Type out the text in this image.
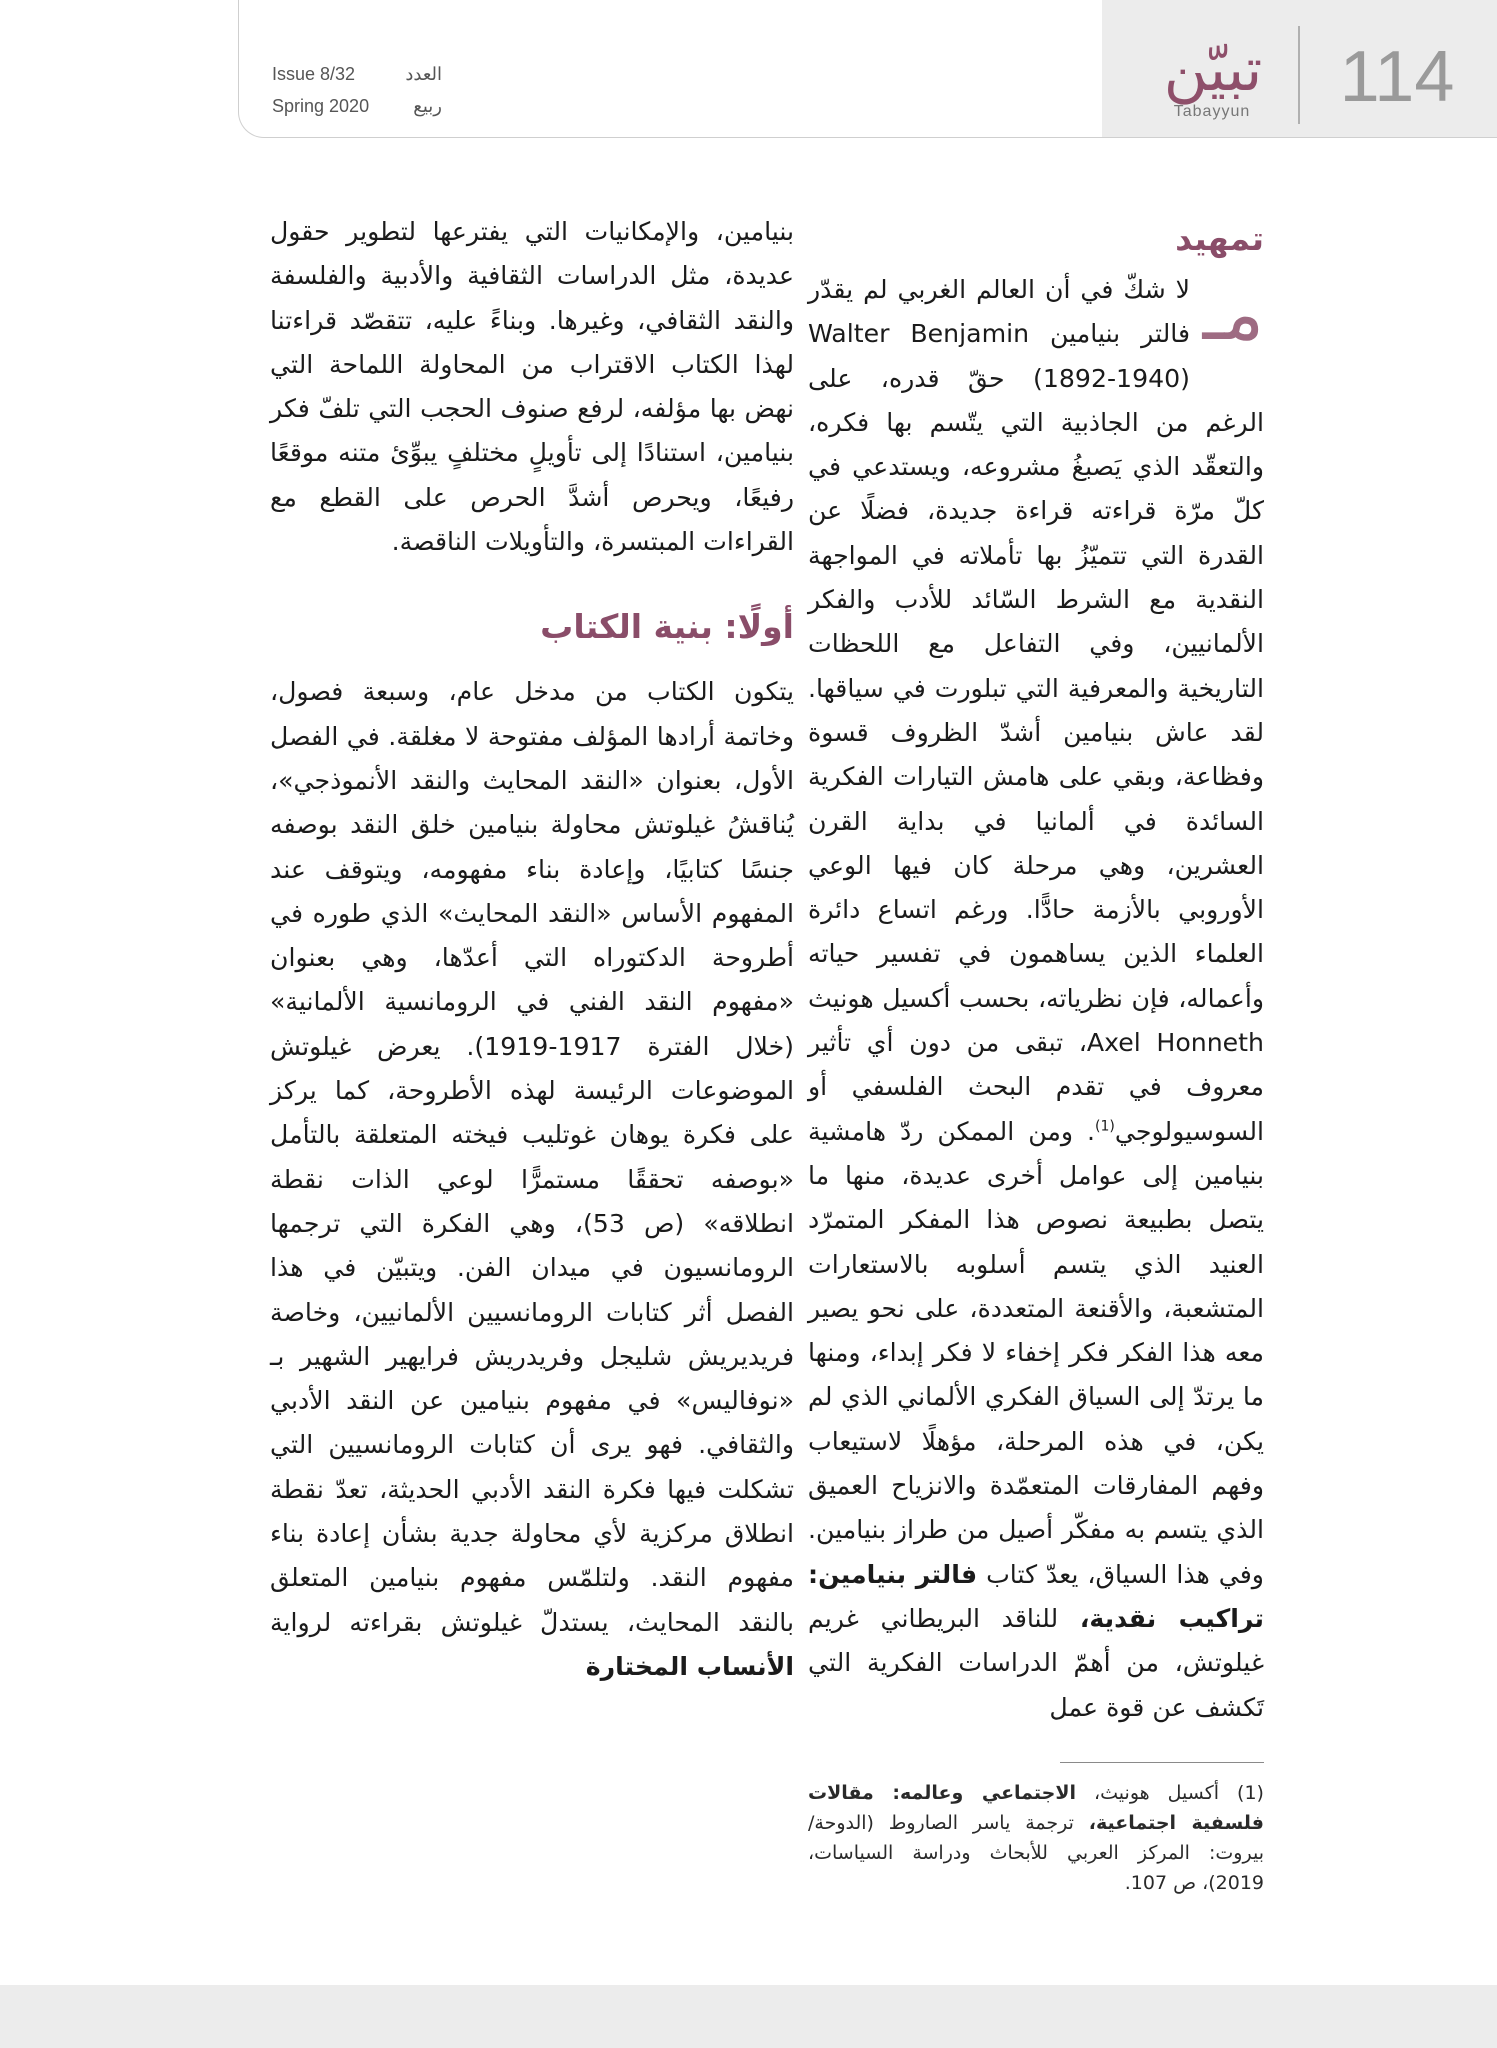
تبيّن
Tabayyun	114
Issue 8/32	العدد
Spring 2020 ربيع
تمهيد

مـ
لا شكّ في أن العالم الغربي لم يقدّر فالتر بنيامين Walter Benjamin (1892-1940) حقّ قدره، على الرغم من الجاذبية التي يتّسم بها فكره، والتعقّد الذي يَصبغُ مشروعه، ويستدعي في كلّ مرّة قراءته قراءة جديدة، فضلًا عن القدرة التي تتميّزُ بها تأملاته في المواجهة النقدية مع الشرط السّائد للأدب والفكر الألمانيين، وفي التفاعل مع اللحظات التاريخية والمعرفية التي تبلورت في سياقها. لقد عاش بنيامين أشدّ الظروف قسوة وفظاعة، وبقي على هامش التيارات الفكرية السائدة في ألمانيا في بداية القرن العشرين، وهي مرحلة كان فيها الوعي الأوروبي بالأزمة حادًّا. ورغم اتساع دائرة العلماء الذين يساهمون في تفسير حياته وأعماله، فإن نظرياته، بحسب أكسيل هونيث Axel Honneth، تبقى من دون أي تأثير معروف في تقدم البحث الفلسفي أو السوسيولوجي$^{(1)}$. ومن الممكن ردّ هامشية بنيامين إلى عوامل أخرى عديدة، منها ما يتصل بطبيعة نصوص هذا المفكر المتمرّد العنيد الذي يتسم أسلوبه بالاستعارات المتشعبة، والأقنعة المتعددة، على نحو يصير معه هذا الفكر فكر إخفاء لا فكر إبداء، ومنها ما يرتدّ إلى السياق الفكري الألماني الذي لم يكن، في هذه المرحلة، مؤهلًا لاستيعاب وفهم المفارقات المتعمّدة والانزياح العميق الذي يتسم به مفكّر أصيل من طراز بنيامين. وفي هذا السياق، يعدّ كتاب فالتر بنيامين: تراكيب نقدية، للناقد البريطاني غريم غيلوتش، من أهمّ الدراسات الفكرية التي تَكشف عن قوة عمل

بنيامين، والإمكانيات التي يفترعها لتطوير حقول عديدة، مثل الدراسات الثقافية والأدبية والفلسفة والنقد الثقافي، وغيرها. وبناءً عليه، تتقصّد قراءتنا لهذا الكتاب الاقتراب من المحاولة اللماحة التي نهض بها مؤلفه، لرفع صنوف الحجب التي تلفّ فكر بنيامين، استنادًا إلى تأويلٍ مختلفٍ يبوِّئ متنه موقعًا رفيعًا، ويحرص أشدَّ الحرص على القطع مع القراءات المبتسرة، والتأويلات الناقصة.

أولًا: بنية الكتاب

يتكون الكتاب من مدخل عام، وسبعة فصول، وخاتمة أرادها المؤلف مفتوحة لا مغلقة. في الفصل الأول، بعنوان «النقد المحايث والنقد الأنموذجي»، يُناقشُ غيلوتش محاولة بنيامين خلق النقد بوصفه جنسًا كتابيًا، وإعادة بناء مفهومه، ويتوقف عند المفهوم الأساس «النقد المحايث» الذي طوره في أطروحة الدكتوراه التي أعدّها، وهي بعنوان «مفهوم النقد الفني في الرومانسية الألمانية» (خلال الفترة 1917-1919). يعرض غيلوتش الموضوعات الرئيسة لهذه الأطروحة، كما يركز على فكرة يوهان غوتليب فيخته المتعلقة بالتأمل «بوصفه تحققًا مستمرًّا لوعي الذات نقطة انطلاقه» (ص 53)، وهي الفكرة التي ترجمها الرومانسيون في ميدان الفن. ويتبيّن في هذا الفصل أثر كتابات الرومانسيين الألمانيين، وخاصة فريديريش شليجل وفريدريش فرايهير الشهير بـ «نوفاليس» في مفهوم بنيامين عن النقد الأدبي والثقافي. فهو يرى أن كتابات الرومانسيين التي تشكلت فيها فكرة النقد الأدبي الحديثة، تعدّ نقطة انطلاق مركزية لأي محاولة جدية بشأن إعادة بناء مفهوم النقد. ولتلمّس مفهوم بنيامين المتعلق بالنقد المحايث، يستدلّ غيلوتش بقراءته لرواية الأنساب المختارة

(1) أكسيل هونيث، الاجتماعي وعالمه: مقالات فلسفية اجتماعية، ترجمة ياسر الصاروط (الدوحة/ بيروت: المركز العربي للأبحاث ودراسة السياسات، 2019)، ص 107.
